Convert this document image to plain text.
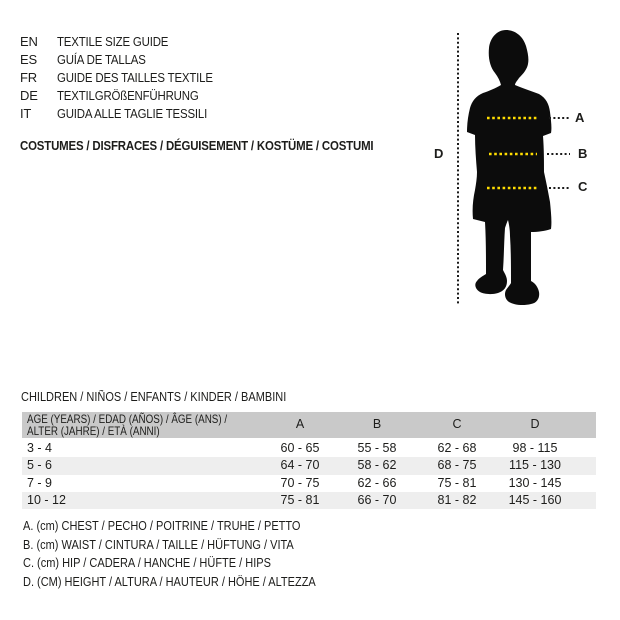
EN	TEXTILE SIZE GUIDE
ES	GUÍA DE TALLAS
FR	GUIDE DES TAILLES TEXTILE
DE	TEXTILGRÖßENFÜHRUNG
IT	GUIDA ALLE TAGLIE TESSILI
COSTUMES / DISFRACES / DÉGUISEMENT / KOSTÜME / COSTUMI
A
B
C
D
CHILDREN / NIÑOS / ENFANTS / KINDER / BAMBINI
AGE (YEARS) / EDAD (AÑOS) / ÂGE (ANS) /
ALTER (JAHRE) / ETÀ (ANNI)	A	B	C	D
3 - 4	60 - 65	55 - 58	62 - 68	98 - 115
5 - 6	64 - 70	58 - 62	68 - 75	115 - 130
7 - 9	70 - 75	62 - 66	75 - 81	130 - 145
10 - 12	75 - 81	66 - 70	81 - 82	145 - 160
A. (cm) CHEST / PECHO / POITRINE / TRUHE / PETTO
B. (cm) WAIST / CINTURA / TAILLE / HÜFTUNG / VITA
C. (cm) HIP / CADERA / HANCHE / HÜFTE / HIPS
D. (CM) HEIGHT / ALTURA / HAUTEUR / HÖHE / ALTEZZA
